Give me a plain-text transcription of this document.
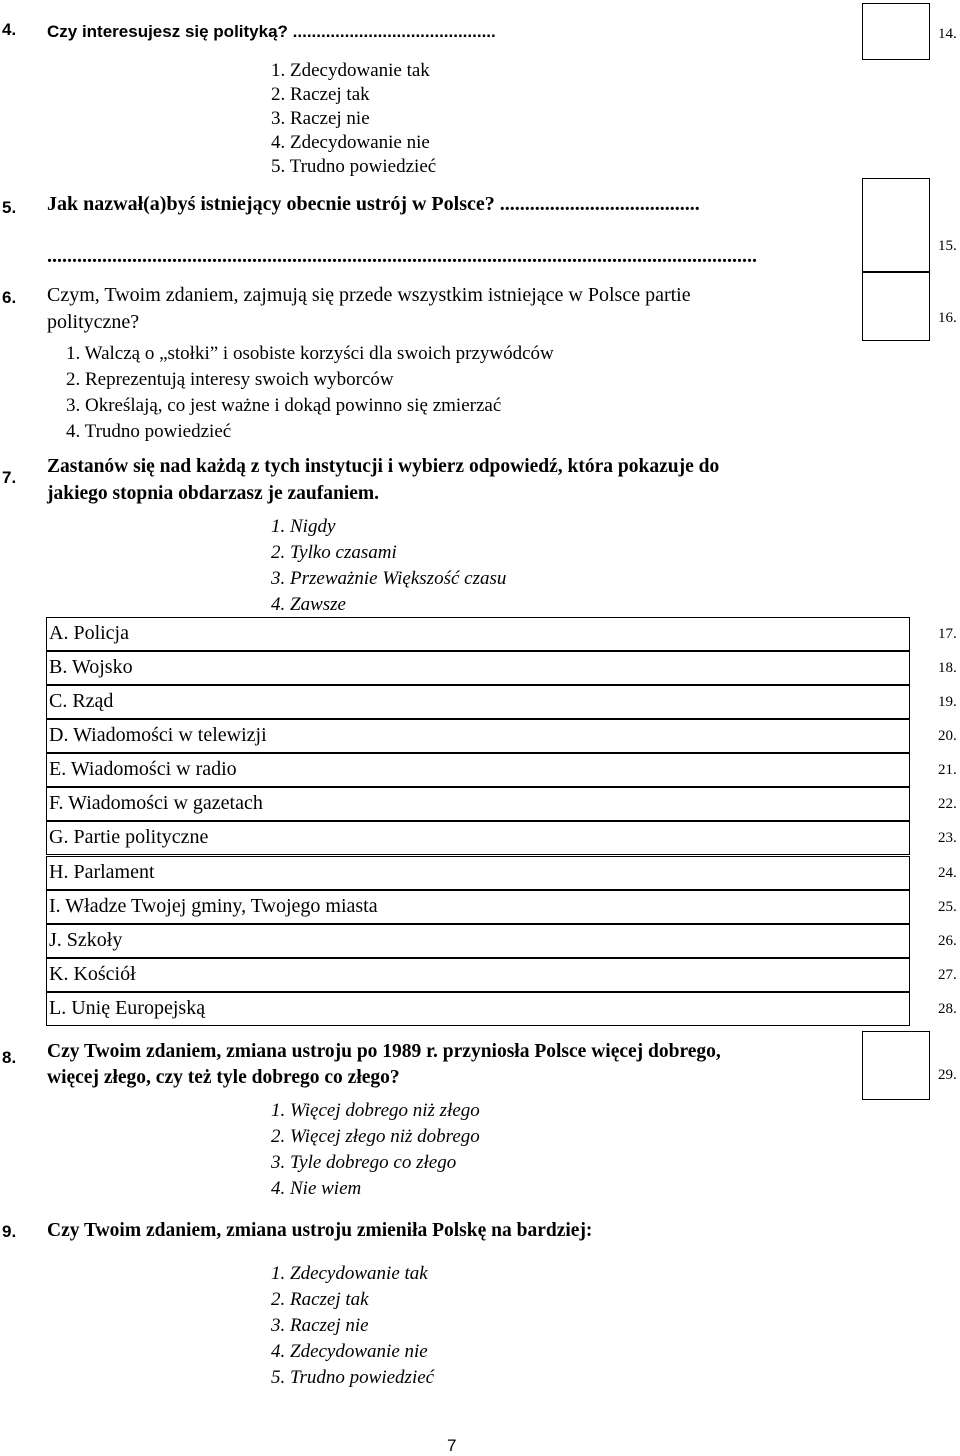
4. Czy interesujesz się polityką? ...........................................	14.
1. Zdecydowanie tak
2. Raczej tak
3. Raczej nie
4. Zdecydowanie nie
5. Trudno powiedzieć
5. Jak nazwał(a)byś istniejący obecnie ustrój w Polsce? ........................................
..............................................................................................................................................	15.
6. Czym, Twoim zdaniem, zajmują się przede wszystkim istniejące w Polsce partie
polityczne?	16.
1. Walczą o „stołki” i osobiste korzyści dla swoich przywódców
2. Reprezentują interesy swoich wyborców
3. Określają, co jest ważne i dokąd powinno się zmierzać
4. Trudno powiedzieć
7.
Zastanów się nad każdą z tych instytucji i wybierz odpowiedź, która pokazuje do
jakiego stopnia obdarzasz je zaufaniem.
1. Nigdy
2. Tylko czasami
3. Przeważnie Większość czasu
4. Zawsze
A. Policja	17.
B. Wojsko	18.
C. Rząd	19.
D. Wiadomości w telewizji	20.
E. Wiadomości w radio	21.
F. Wiadomości w gazetach	22.
G. Partie polityczne	23.
H. Parlament	24.
I. Władze Twojej gminy, Twojego miasta	25.
J. Szkoły	26.
K. Kościół	27.
L. Unię Europejską	28.
8. Czy Twoim zdaniem, zmiana ustroju po 1989 r. przyniosła Polsce więcej dobrego,
więcej złego, czy też tyle dobrego co złego?	29.
1. Więcej dobrego niż złego
2. Więcej złego niż dobrego
3. Tyle dobrego co złego
4. Nie wiem
9. Czy Twoim zdaniem, zmiana ustroju zmieniła Polskę na bardziej:
1. Zdecydowanie tak
2. Raczej tak
3. Raczej nie
4. Zdecydowanie nie
5. Trudno powiedzieć
7
